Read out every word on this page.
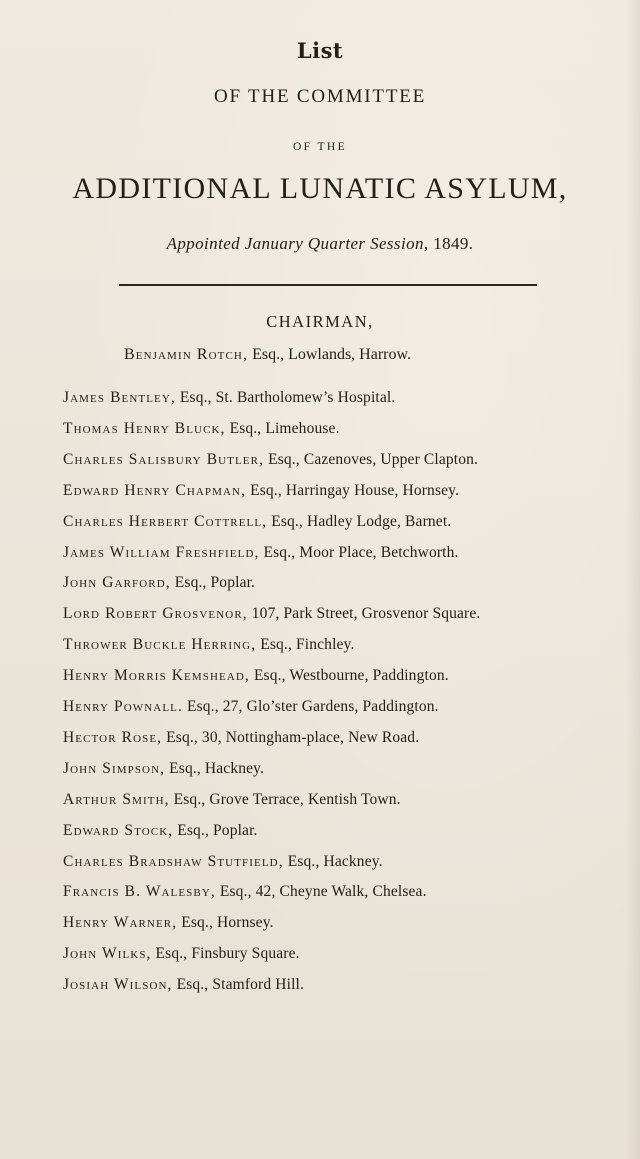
List
OF THE COMMITTEE
OF THE
ADDITIONAL LUNATIC ASYLUM,
Appointed January Quarter Session, 1849.
CHAIRMAN,
Benjamin Rotch, Esq., Lowlands, Harrow.
James Bentley, Esq., St. Bartholomew’s Hospital.
Thomas Henry Bluck, Esq., Limehouse.
Charles Salisbury Butler, Esq., Cazenoves, Upper Clapton.
Edward Henry Chapman, Esq., Harringay House, Hornsey.
Charles Herbert Cottrell, Esq., Hadley Lodge, Barnet.
James William Freshfield, Esq., Moor Place, Betchworth.
John Garford, Esq., Poplar.
Lord Robert Grosvenor, 107, Park Street, Grosvenor Square.
Thrower Buckle Herring, Esq., Finchley.
Henry Morris Kemshead, Esq., Westbourne, Paddington.
Henry Pownall. Esq., 27, Glo’ster Gardens, Paddington.
Hector Rose, Esq., 30, Nottingham-place, New Road.
John Simpson, Esq., Hackney.
Arthur Smith, Esq., Grove Terrace, Kentish Town.
Edward Stock, Esq., Poplar.
Charles Bradshaw Stutfield, Esq., Hackney.
Francis B. Walesby, Esq., 42, Cheyne Walk, Chelsea.
Henry Warner, Esq., Hornsey.
John Wilks, Esq., Finsbury Square.
Josiah Wilson, Esq., Stamford Hill.
